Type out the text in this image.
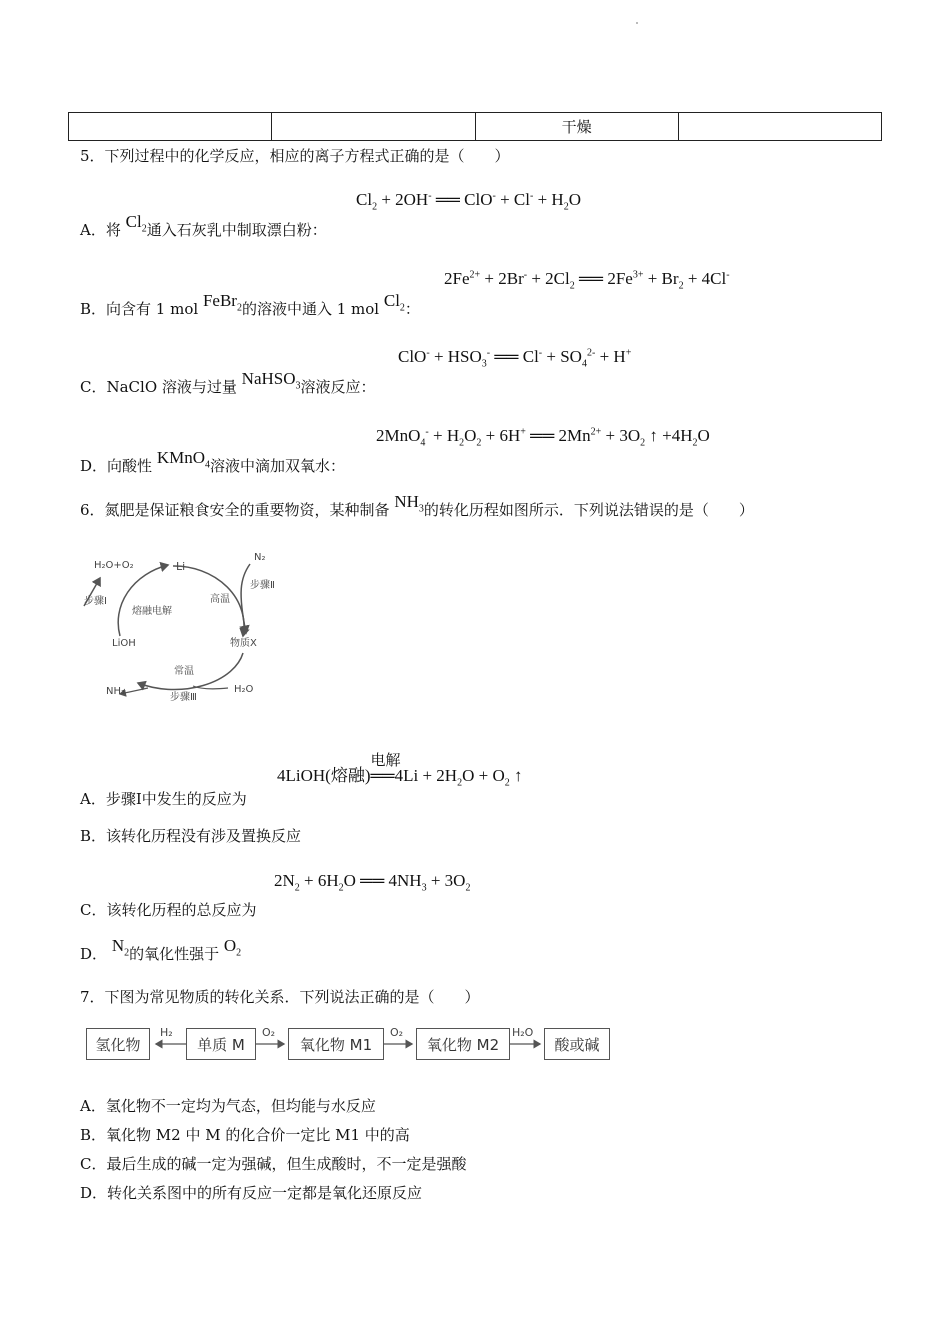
		干燥	
5．下列过程中的化学反应，相应的离子方程式正确的是（　　）
$Cl_2 + 2OH^-$ ══ $ClO^- + Cl^- + H_2O$
A．将 $Cl_2$通入石灰乳中制取漂白粉：
$2Fe^{2+} + 2Br^- + 2Cl_2$ ══ $2Fe^{3+} + Br_2 + 4Cl^-$
B．向含有 1 mol FeBr$_2$的溶液中通入 1 mol $Cl_2$：
$ClO^- + HSO_3^-$ ══ $Cl^- + SO_4^{2-} + H^+$
C．NaClO 溶液与过量 NaHSO$_3$溶液反应：
$2MnO_4^- + H_2O_2 + 6H^+$ ══ $2Mn^{2+} + 3O_2$ ↑ $+4H_2O$
D．向酸性 KMnO$_4$溶液中滴加双氧水：
6．氮肥是保证粮食安全的重要物资，某种制备 $NH_3$的转化历程如图所示．下列说法错误的是（　　）
H₂O+O₂	Li
N₂
步骤Ⅱ
步骤Ⅰ	高温
熔融电解
LiOH	物质X
常温
NH₃
步骤Ⅲ
H₂O
4LiOH(熔融)
电解
══4Li + $2H_2O + O_2$ ↑
A．步骤Ⅰ中发生的反应为
B．该转化历程没有涉及置换反应
$2N_2 + 6H_2O$ ══ $4NH_3 + 3O_2$
C．该转化历程的总反应为
D． $N_2$的氧化性强于 $O_2$
7．下图为常见物质的转化关系．下列说法正确的是（　　）
氢化物	单质 M	氧化物 M1	氧化物 M2	酸或碱
H₂	O₂	O₂	H₂O
A．氢化物不一定均为气态，但均能与水反应
B．氧化物 M2 中 M 的化合价一定比 M1 中的高
C．最后生成的碱一定为强碱，但生成酸时，不一定是强酸
D．转化关系图中的所有反应一定都是氧化还原反应
